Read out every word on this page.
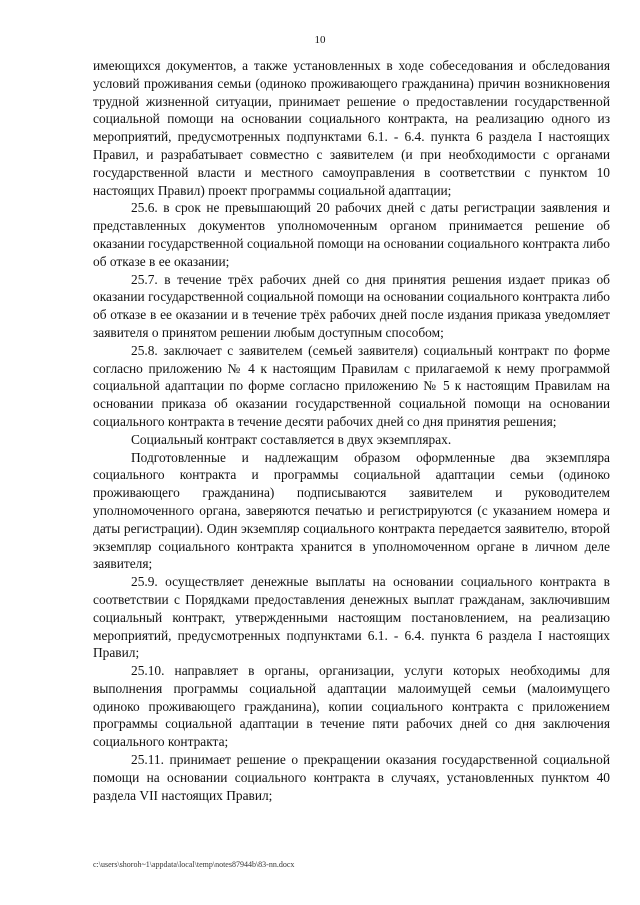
10

имеющихся документов, а также установленных в ходе собеседования и обследования условий проживания семьи (одиноко проживающего гражданина) причин возникновения трудной жизненной ситуации, принимает решение о предоставлении государственной социальной помощи на основании социального контракта, на реализацию одного из мероприятий, предусмотренных подпунктами 6.1. - 6.4. пункта 6 раздела I настоящих Правил, и разрабатывает совместно с заявителем (и при необходимости с органами государственной власти и местного самоуправления в соответствии с пунктом 10 настоящих Правил) проект программы социальной адаптации;

25.6. в срок не превышающий 20 рабочих дней с даты регистрации заявления и представленных документов уполномоченным органом принимается решение об оказании государственной социальной помощи на основании социального контракта либо об отказе в ее оказании;

25.7. в течение трёх рабочих дней со дня принятия решения издает приказ об оказании государственной социальной помощи на основании социального контракта либо об отказе в ее оказании и в течение трёх рабочих дней после издания приказа уведомляет заявителя о принятом решении любым доступным способом;

25.8. заключает с заявителем (семьей заявителя) социальный контракт по форме согласно приложению № 4 к настоящим Правилам с прилагаемой к нему программой социальной адаптации по форме согласно приложению № 5 к настоящим Правилам на основании приказа об оказании государственной социальной помощи на основании социального контракта в течение десяти рабочих дней со дня принятия решения;

Социальный контракт составляется в двух экземплярах.

Подготовленные и надлежащим образом оформленные два экземпляра социального контракта и программы социальной адаптации семьи (одиноко проживающего гражданина) подписываются заявителем и руководителем уполномоченного органа, заверяются печатью и регистрируются (с указанием номера и даты регистрации). Один экземпляр социального контракта передается заявителю, второй экземпляр социального контракта хранится в уполномоченном органе в личном деле заявителя;

25.9. осуществляет денежные выплаты на основании социального контракта в соответствии с Порядками предоставления денежных выплат гражданам, заключившим социальный контракт, утвержденными настоящим постановлением, на реализацию мероприятий, предусмотренных подпунктами 6.1. - 6.4. пункта 6 раздела I настоящих Правил;

25.10. направляет в органы, организации, услуги которых необходимы для выполнения программы социальной адаптации малоимущей семьи (малоимущего одиноко проживающего гражданина), копии социального контракта с приложением программы социальной адаптации в течение пяти рабочих дней со дня заключения социального контракта;

25.11. принимает решение о прекращении оказания государственной социальной помощи на основании социального контракта в случаях, установленных пунктом 40 раздела VII настоящих Правил;

c:\users\shoroh~1\appdata\local\temp\notes87944b\83-nn.docx
